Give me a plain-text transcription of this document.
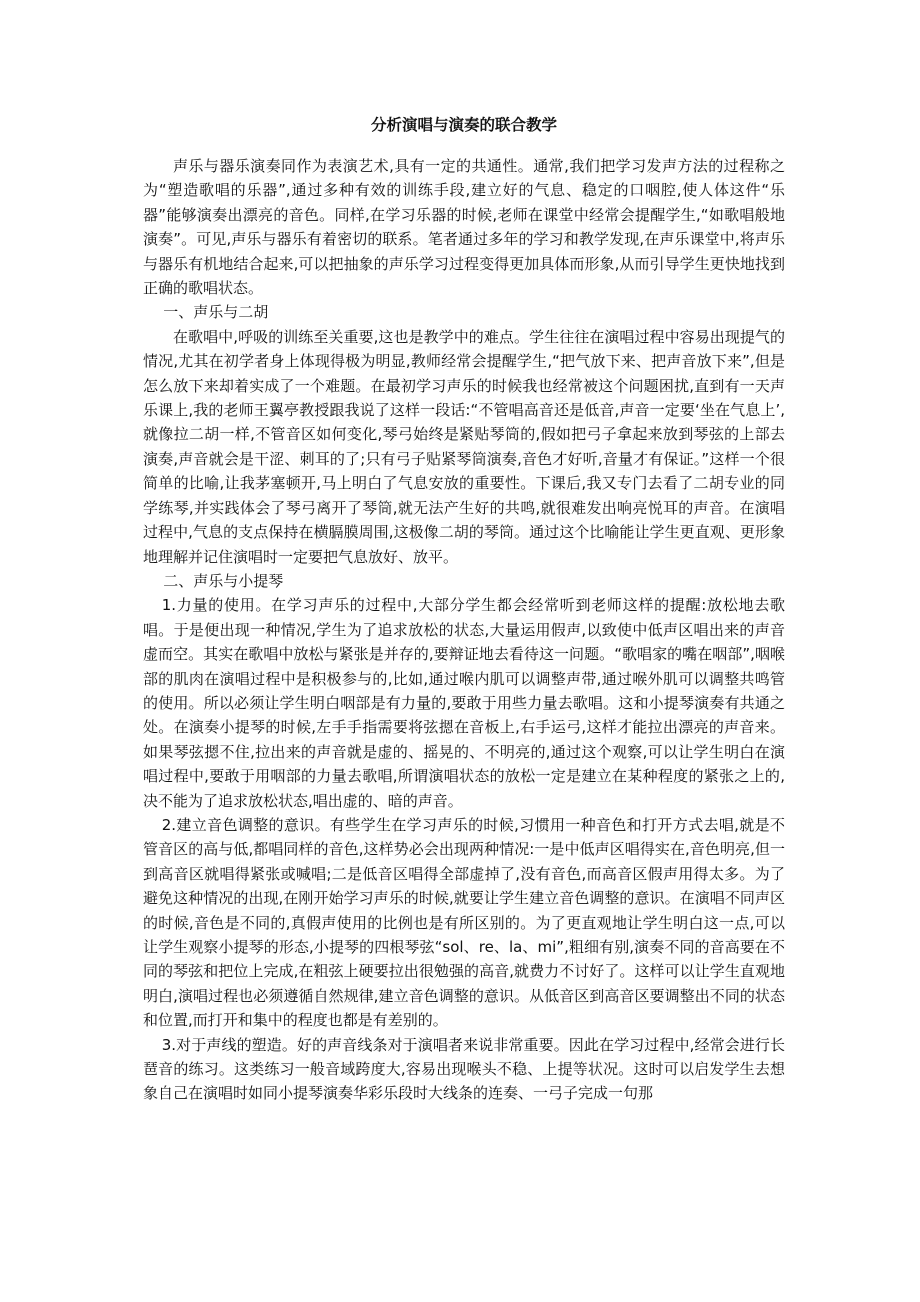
分析演唱与演奏的联合教学

声乐与器乐演奏同作为表演艺术,具有一定的共通性。通常,我们把学习发声方法的过程称之为“塑造歌唱的乐器”,通过多种有效的训练手段,建立好的气息、稳定的口咽腔,使人体这件“乐器”能够演奏出漂亮的音色。同样,在学习乐器的时候,老师在课堂中经常会提醒学生,“如歌唱般地演奏”。可见,声乐与器乐有着密切的联系。笔者通过多年的学习和教学发现,在声乐课堂中,将声乐与器乐有机地结合起来,可以把抽象的声乐学习过程变得更加具体而形象,从而引导学生更快地找到正确的歌唱状态。

一、声乐与二胡

在歌唱中,呼吸的训练至关重要,这也是教学中的难点。学生往往在演唱过程中容易出现提气的情况,尤其在初学者身上体现得极为明显,教师经常会提醒学生,“把气放下来、把声音放下来”,但是怎么放下来却着实成了一个难题。在最初学习声乐的时候我也经常被这个问题困扰,直到有一天声乐课上,我的老师王翼亭教授跟我说了这样一段话:“不管唱高音还是低音,声音一定要‘坐在气息上’,就像拉二胡一样,不管音区如何变化,琴弓始终是紧贴琴筒的,假如把弓子拿起来放到琴弦的上部去演奏,声音就会是干涩、刺耳的了;只有弓子贴紧琴筒演奏,音色才好听,音量才有保证。”这样一个很简单的比喻,让我茅塞顿开,马上明白了气息安放的重要性。下课后,我又专门去看了二胡专业的同学练琴,并实践体会了琴弓离开了琴筒,就无法产生好的共鸣,就很难发出响亮悦耳的声音。在演唱过程中,气息的支点保持在横膈膜周围,这极像二胡的琴筒。通过这个比喻能让学生更直观、更形象地理解并记住演唱时一定要把气息放好、放平。

二、声乐与小提琴

1.力量的使用。在学习声乐的过程中,大部分学生都会经常听到老师这样的提醒:放松地去歌唱。于是便出现一种情况,学生为了追求放松的状态,大量运用假声,以致使中低声区唱出来的声音虚而空。其实在歌唱中放松与紧张是并存的,要辩证地去看待这一问题。“歌唱家的嘴在咽部”,咽喉部的肌肉在演唱过程中是积极参与的,比如,通过喉内肌可以调整声带,通过喉外肌可以调整共鸣管的使用。所以必须让学生明白咽部是有力量的,要敢于用些力量去歌唱。这和小提琴演奏有共通之处。在演奏小提琴的时候,左手手指需要将弦摁在音板上,右手运弓,这样才能拉出漂亮的声音来。如果琴弦摁不住,拉出来的声音就是虚的、摇晃的、不明亮的,通过这个观察,可以让学生明白在演唱过程中,要敢于用咽部的力量去歌唱,所谓演唱状态的放松一定是建立在某种程度的紧张之上的,决不能为了追求放松状态,唱出虚的、暗的声音。

2.建立音色调整的意识。有些学生在学习声乐的时候,习惯用一种音色和打开方式去唱,就是不管音区的高与低,都唱同样的音色,这样势必会出现两种情况:一是中低声区唱得实在,音色明亮,但一到高音区就唱得紧张或喊唱;二是低音区唱得全部虚掉了,没有音色,而高音区假声用得太多。为了避免这种情况的出现,在刚开始学习声乐的时候,就要让学生建立音色调整的意识。在演唱不同声区的时候,音色是不同的,真假声使用的比例也是有所区别的。为了更直观地让学生明白这一点,可以让学生观察小提琴的形态,小提琴的四根琴弦“sol、re、la、mi”,粗细有别,演奏不同的音高要在不同的琴弦和把位上完成,在粗弦上硬要拉出很勉强的高音,就费力不讨好了。这样可以让学生直观地明白,演唱过程也必须遵循自然规律,建立音色调整的意识。从低音区到高音区要调整出不同的状态和位置,而打开和集中的程度也都是有差别的。

3.对于声线的塑造。好的声音线条对于演唱者来说非常重要。因此在学习过程中,经常会进行长琶音的练习。这类练习一般音域跨度大,容易出现喉头不稳、上提等状况。这时可以启发学生去想象自己在演唱时如同小提琴演奏华彩乐段时大线条的连奏、一弓子完成一句那
